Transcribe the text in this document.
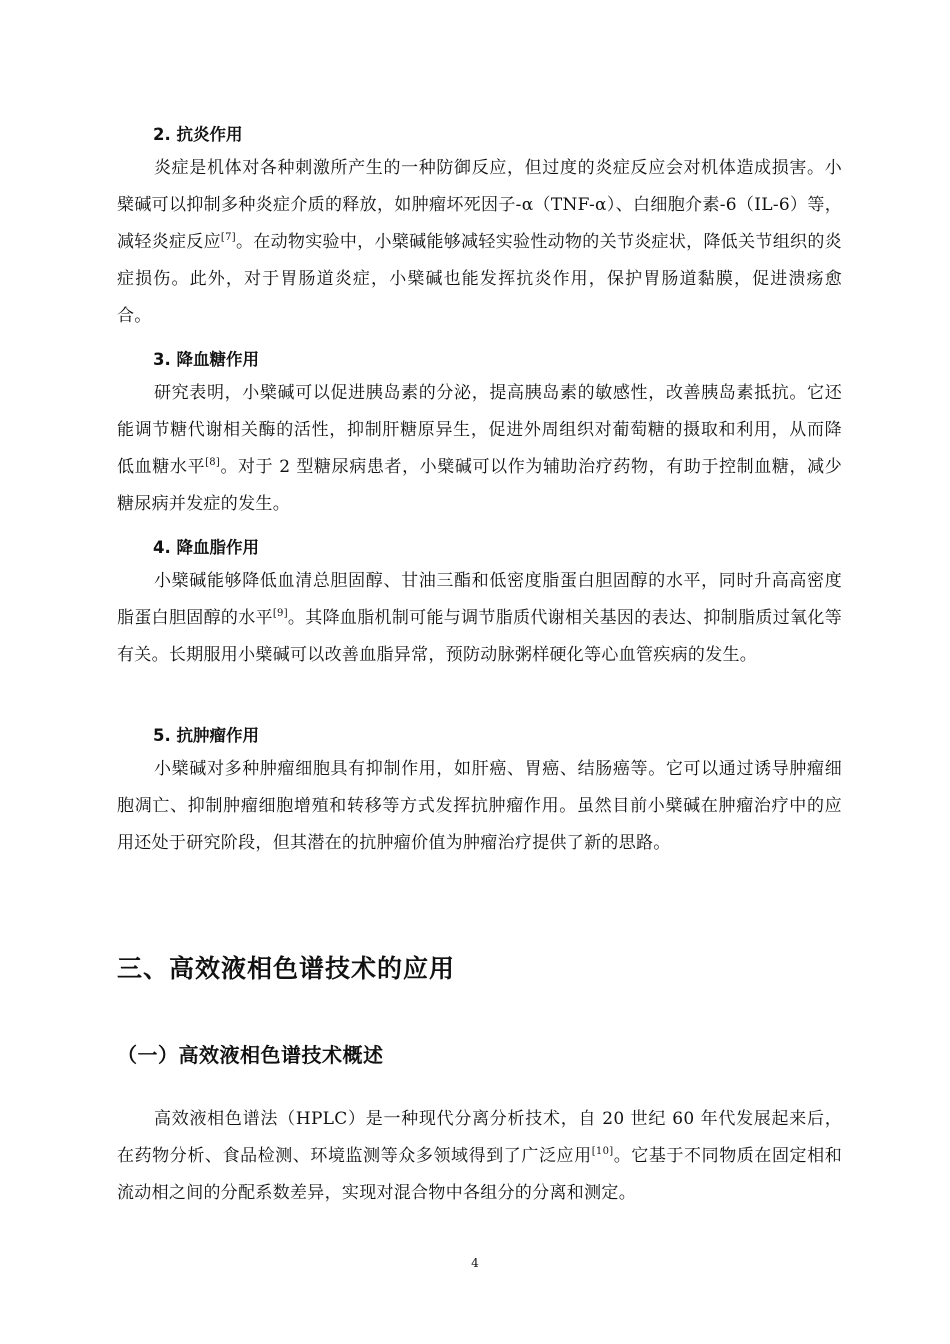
2. 抗炎作用
炎症是机体对各种刺激所产生的一种防御反应，但过度的炎症反应会对机体造成损害。小檗碱可以抑制多种炎症介质的释放，如肿瘤坏死因子-α（TNF-α）、白细胞介素-6（IL-6）等，减轻炎症反应[7]。在动物实验中，小檗碱能够减轻实验性动物的关节炎症状，降低关节组织的炎症损伤。此外，对于胃肠道炎症，小檗碱也能发挥抗炎作用，保护胃肠道黏膜，促进溃疡愈合。
3. 降血糖作用
研究表明，小檗碱可以促进胰岛素的分泌，提高胰岛素的敏感性，改善胰岛素抵抗。它还能调节糖代谢相关酶的活性，抑制肝糖原异生，促进外周组织对葡萄糖的摄取和利用，从而降低血糖水平[8]。对于 2 型糖尿病患者，小檗碱可以作为辅助治疗药物，有助于控制血糖，减少糖尿病并发症的发生。
4. 降血脂作用
小檗碱能够降低血清总胆固醇、甘油三酯和低密度脂蛋白胆固醇的水平，同时升高高密度脂蛋白胆固醇的水平[9]。其降血脂机制可能与调节脂质代谢相关基因的表达、抑制脂质过氧化等有关。长期服用小檗碱可以改善血脂异常，预防动脉粥样硬化等心血管疾病的发生。
5. 抗肿瘤作用
小檗碱对多种肿瘤细胞具有抑制作用，如肝癌、胃癌、结肠癌等。它可以通过诱导肿瘤细胞凋亡、抑制肿瘤细胞增殖和转移等方式发挥抗肿瘤作用。虽然目前小檗碱在肿瘤治疗中的应用还处于研究阶段，但其潜在的抗肿瘤价值为肿瘤治疗提供了新的思路。
三、高效液相色谱技术的应用
（一）高效液相色谱技术概述
高效液相色谱法（HPLC）是一种现代分离分析技术，自 20 世纪 60 年代发展起来后，在药物分析、食品检测、环境监测等众多领域得到了广泛应用[10]。它基于不同物质在固定相和流动相之间的分配系数差异，实现对混合物中各组分的分离和测定。
4
